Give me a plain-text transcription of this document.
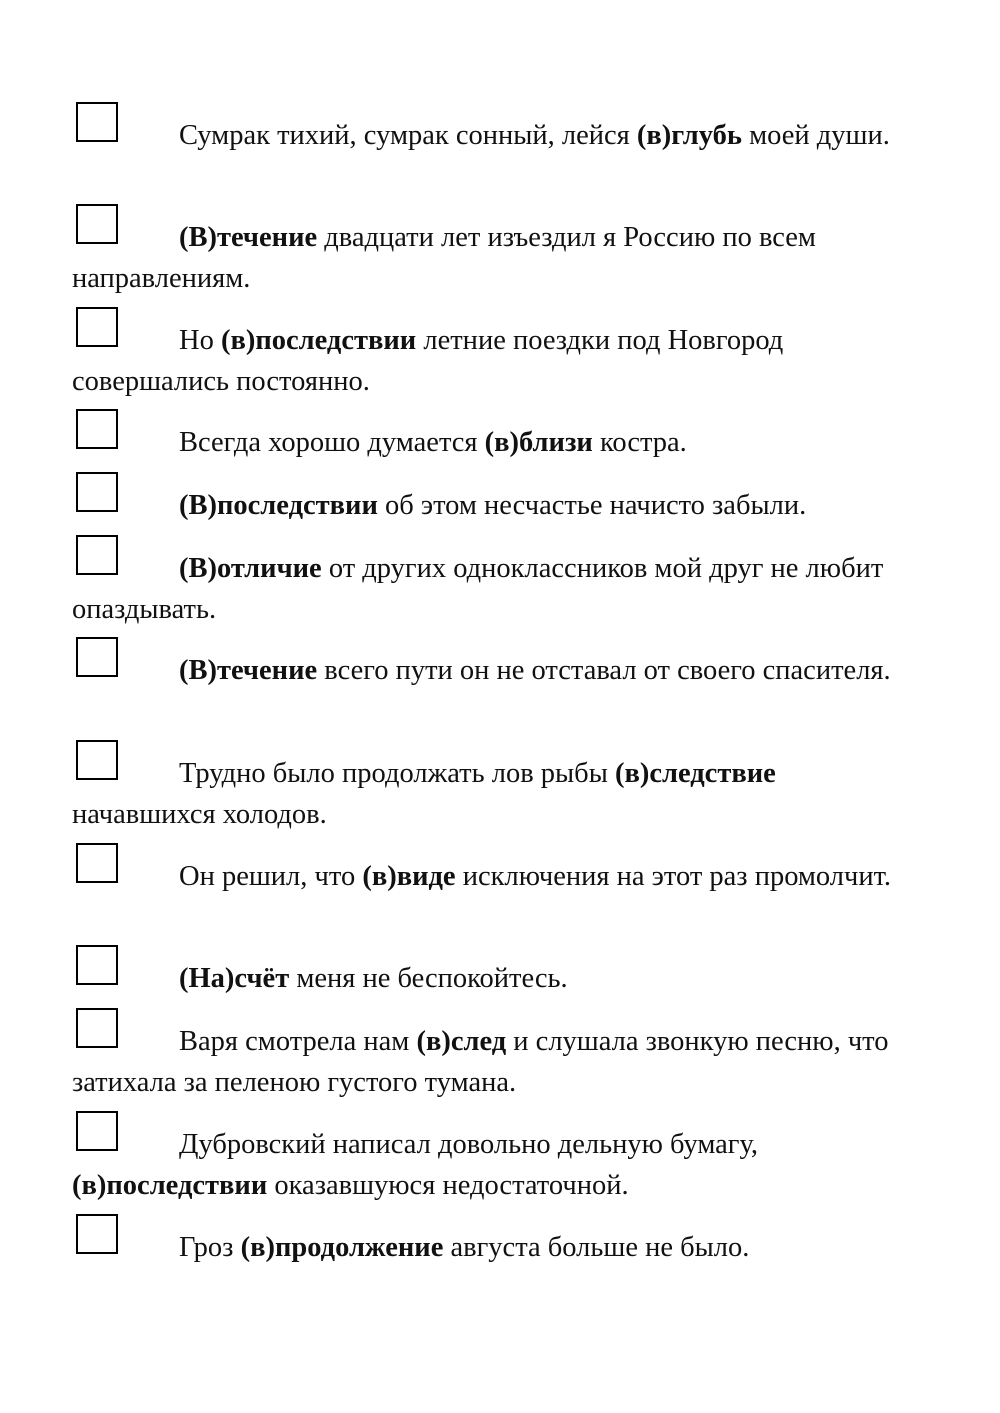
Сумрак тихий, сумрак сонный, лейся (в)глубь моей души.

(В)течение двадцати лет изъездил я Россию по всем направлениям.

Но (в)последствии летние поездки под Новгород совершались постоянно.

Всегда хорошо думается (в)близи костра.

(В)последствии об этом несчастье начисто забыли.

(В)отличие от других одноклассников мой друг не любит опаздывать.

(В)течение всего пути он не отставал от своего спасителя.

Трудно было продолжать лов рыбы (в)следствие начавшихся холодов.

Он решил, что (в)виде исключения на этот раз промолчит.

(На)счёт меня не беспокойтесь.

Варя смотрела нам (в)след и слушала звонкую песню, что затихала за пеленою густого тумана.

Дубровский написал довольно дельную бумагу, (в)последствии оказавшуюся недостаточной.

Гроз (в)продолжение августа больше не было.
